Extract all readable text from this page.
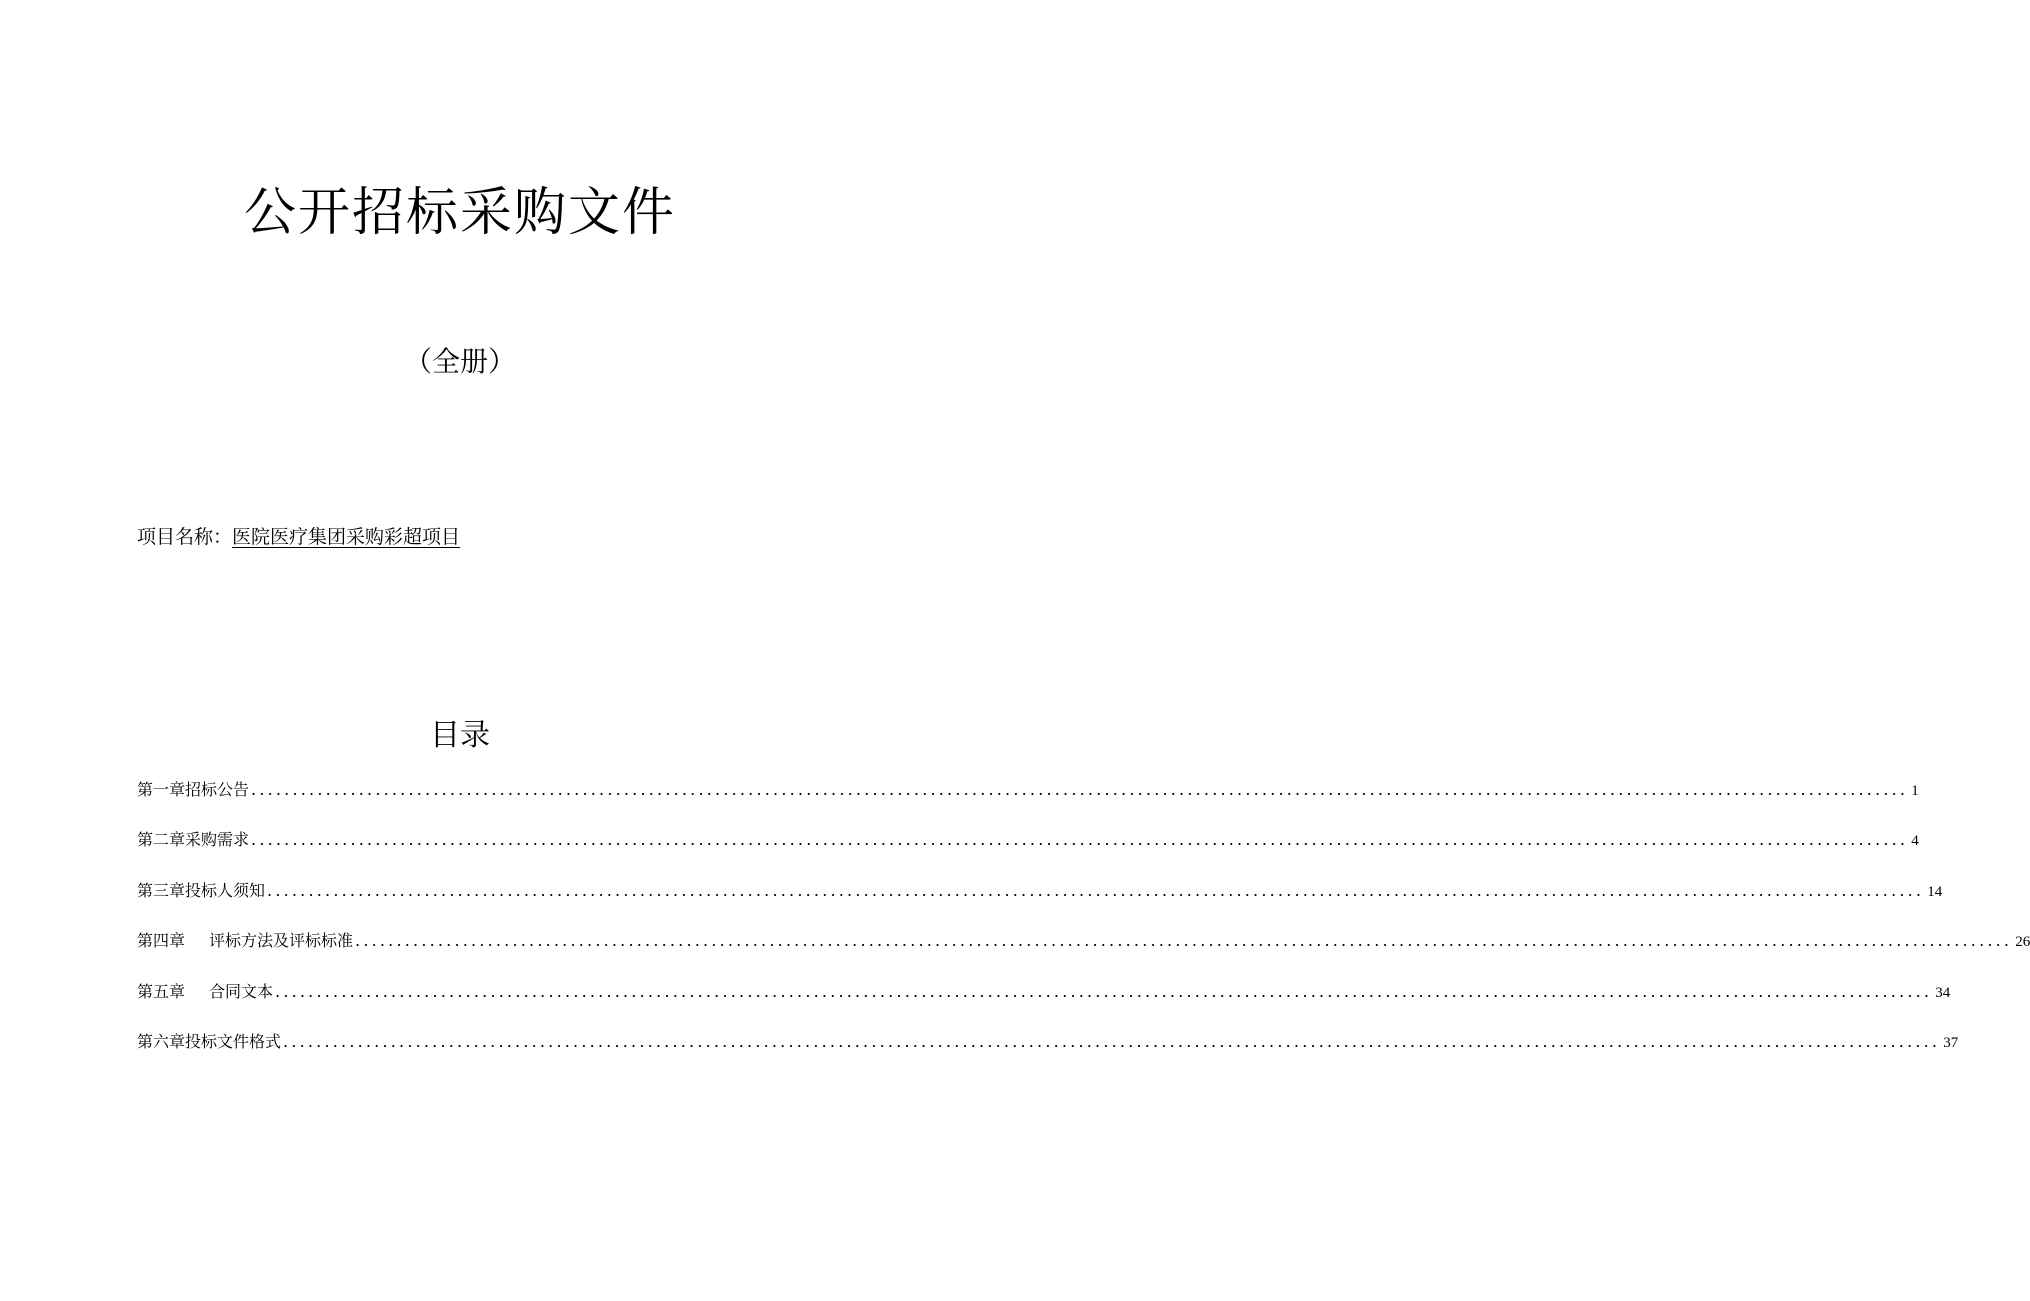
公开招标采购文件

（全册）

项目名称：医院医疗集团采购彩超项目
目录
第一章招标公告 ........................................................................................................................................................................................................ 1
第二章采购需求 ........................................................................................................................................................................................................ 4
第三章投标人须知 ........................................................................................................................................................................................................ 14
第四章 评标方法及评标标准 ........................................................................................................................................................................................................ 26
第五章 合同文本 ........................................................................................................................................................................................................ 34
第六章投标文件格式 ........................................................................................................................................................................................................ 37
